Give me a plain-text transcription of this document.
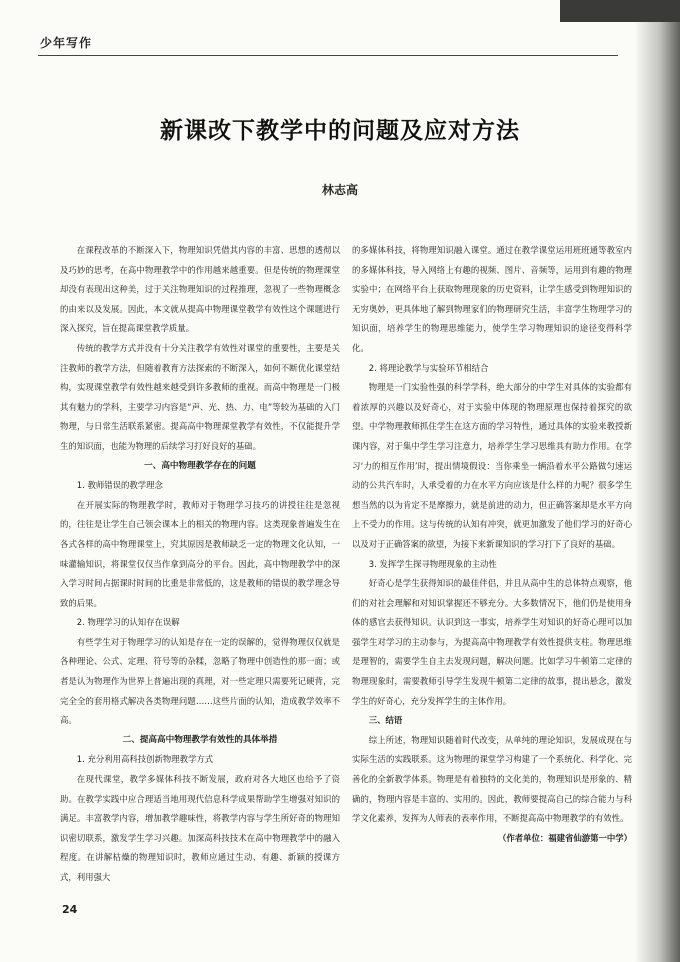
少年写作
新课改下教学中的问题及应对方法
林志高

在课程改革的不断深入下，物理知识凭借其内容的丰富、思想的透彻以及巧妙的思考，在高中物理教学中的作用越来越重要。但是传统的物理课堂却没有表现出这种美，过于关注物理知识的过程推理，忽视了一些物理概念的由来以及发展。因此，本文就从提高中物理课堂教学有效性这个课题进行深入探究，旨在提高课堂教学质量。

传统的教学方式并没有十分关注教学有效性对课堂的重要性，主要是关注教师的教学方法，但随着教育方法探索的不断深入，如何不断优化课堂结构，实现课堂教学有效性越来越受到许多教师的重视。而高中物理是一门极其有魅力的学科，主要学习内容是“声、光、热、力、电”等较为基础的入门物理，与日常生活联系紧密。提高高中物理课堂教学有效性，不仅能提升学生的知识面，也能为物理的后续学习打好良好的基础。

一、高中物理教学存在的问题
1. 教师错误的教学理念

在开展实际的物理教学时，教师对于物理学习技巧的讲授往往是忽视的，往往是让学生自己领会课本上的相关的物理内容。这类现象普遍发生在各式各样的高中物理课堂上，究其原因是教师缺乏一定的物理文化认知，一味灌输知识，将课堂仅仅当作拿到高分的平台。因此，高中物理教学中的深入学习时间占据课时时间的比重是非常低的，这是教师的错误的教学理念导致的后果。

2. 物理学习的认知存在误解

有些学生对于物理学习的认知是存在一定的误解的，觉得物理仅仅就是各种理论、公式、定理、符号等的杂糅，忽略了物理中创造性的那一面；或者是认为物理作为世界上普遍出现的真理，对一些定理只需要死记硬背，完完全全的套用格式解决各类物理问题……这些片面的认知，造成教学效率不高。

二、提高高中物理教学有效性的具体举措
1. 充分利用高科技创新物理教学方式

在现代课堂，教学多媒体科技不断发展，政府对各大地区也给予了资助。在教学实践中应合理适当地用现代信息科学成果帮助学生增强对知识的满足。丰富教学内容，增加教学趣味性，将教学内容与学生所好奇的物理知识密切联系，激发学生学习兴趣。加深高科技技术在高中物理教学中的融入程度。在讲解枯燥的物理知识时，教师应通过生动、有趣、新颖的授课方式，利用强大

的多媒体科技，将物理知识融入课堂。通过在教学课堂运用班班通等教室内的多媒体科技，导入网络上有趣的视频、图片、音频等，运用到有趣的物理实验中；在网络平台上获取物理现象的历史资料，让学生感受到物理知识的无穷奥妙，更具体地了解到物理家们的物理研究生活，丰富学生物理学习的知识面，培养学生的物理思维能力，使学生学习物理知识的途径变得科学化。

2. 将理论教学与实验环节相结合

物理是一门实验性强的科学学科，绝大部分的中学生对具体的实验都有着浓厚的兴趣以及好奇心，对于实验中体现的物理原理也保持着探究的欲望。中学物理教师抓住学生在这方面的学习特性，通过具体的实验来教授新课内容，对于集中学生学习注意力，培养学生学习思维具有助力作用。在学习‘力的相互作用’时，提出情境假设：当你乘坐一辆沿着水平公路做匀速运动的公共汽车时，人承受着的力在水平方向应该是什么样的力呢？很多学生想当然的以为肯定不是摩擦力，就是前进的动力，但正确答案却是水平方向上不受力的作用。这与传统的认知有冲突，就更加激发了他们学习的好奇心以及对于正确答案的欲望，为接下来新课知识的学习打下了良好的基础。

3. 发挥学生探寻物理现象的主动性

好奇心是学生获得知识的最佳伴侣，并且从高中生的总体特点观察，他们的对社会理解和对知识掌握还不够充分。大多数情况下，他们仍是使用身体的感官去获得知识。认识到这一事实，培养学生对知识的好奇心理可以加强学生对学习的主动参与，为提高高中物理教学有效性提供支柱。物理思维是理智的，需要学生自主去发现问题，解决问题。比如学习牛顿第二定律的物理现象时，需要教师引导学生发现牛顿第二定律的故事，提出悬念，激发学生的好奇心，充分发挥学生的主体作用。

三、结语

综上所述，物理知识随着时代改变，从单纯的理论知识，发展成现在与实际生活的实践联系。这为物理的课堂学习构建了一个系统化、科学化、完善化的全新教学体系。物理是有着独特的文化美的，物理知识是形象的、精确的，物理内容是丰富的、实用的。因此，教师要提高自己的综合能力与科学文化素养，发挥为人师表的表率作用，不断提高高中物理教学的有效性。

（作者单位：福建省仙游第一中学）

24
